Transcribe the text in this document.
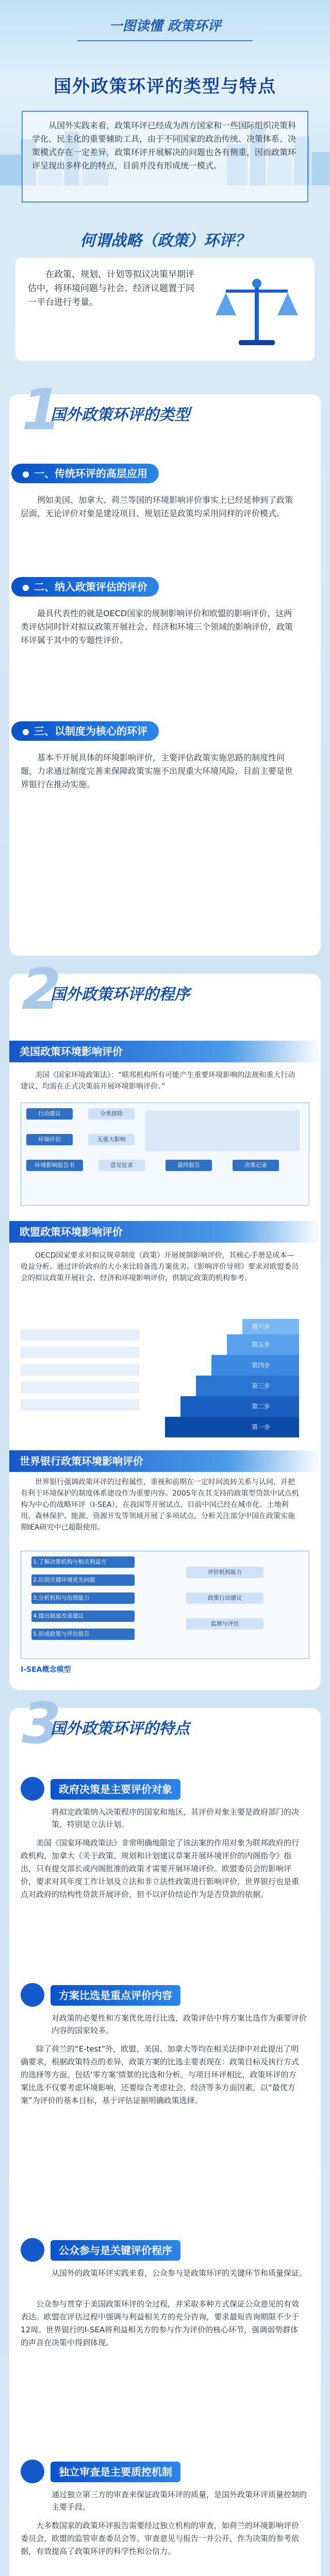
一图读懂 政策环评
国外政策环评的类型与特点
从国外实践来看，政策环评已经成为西方国家和一些国际组织决策科学化、民主化的重要辅助工具，由于不同国家的政治传统、决策体系、决策模式存在一定差异，政策环评开展解决的问题也各有侧重，因而政策环评呈现出多样化的特点，目前并没有形成统一模式。
何谓战略（政策）环评？
在政策、规划、计划等拟议决策早期评估中，将环境问题与社会、经济议题置于同一平台进行考量。
1
国外政策环评的类型
一、传统环评的高层应用
例如美国、加拿大、荷兰等国的环境影响评价事实上已经延伸到了政策层面，无论评价对象是建设项目、规划还是政策均采用同样的评价模式。
二、纳入政策评估的评价
最具代表性的就是OECD国家的规制影响评价和欧盟的影响评价，这两类评估同时针对拟议政策开展社会、经济和环境三个领域的影响评价，政策环评属于其中的专题性评价。
三、以制度为核心的环评
基本不开展具体的环境影响评价，主要评估政策实施思路的制度性问题，力求通过制度完善来保障政策实施不出现重大环境风险，目前主要是世界银行在推动实施。
2
国外政策环评的程序
美国政策环境影响评价
美国《国家环境政策法》：“联邦机构所有可能产生重要环境影响的法规和重大行动建议，均需在正式决策前开展环境影响评价。”
行动建议	分类排除
环境评估	无重大影响
环境影响报告书	意见征求	最终报告	决策记录
欧盟政策环境影响评价
OECD国家要求对拟议规章制度（政策）开展规制影响评价，其核心手册是成本—收益分析。通过评价政府的大小来比较备选方案优劣。《影响评价导则》要求对欧盟委员会的拟议政策开展社会、经济和环境影响评价，供制定政策的机构参考。
第六步
第五步
第四步
第三步
第二步
第一步
世界银行政策环境影响评价
世界银行强调政策环评的过程属性，重视和前期在一定时间流转关系与认同，并把有利于环境保护的制度体系建设作为重要内容。2005年在其支持的政策型贷款中试点机构为中心的战略环评（I-SEA），在我国等开展试点，目前中国已经在城市化、土地利用、森林保护、能源、资源开发等领域开展了多项试点，分析关注部分中国在政策实施期IEA研究中已超限使用。
1.了解决策机构与相关利益方
2.识别关键环境优先问题
3.分析机构与治理能力
4.提出制度改善建议
5.形成政策与评估报告
评价机构能力
政策行动建议
监测与评估
I-SEA概念模型
3
国外政策环评的特点
政府决策是主要评价对象
将拟定政策纳入决策程序的国家和地区，其评价对象主要是政府部门的决策，特别是立法计划。
美国《国家环境政策法》非常明确地限定了该法案的作用对象为联邦政府的行政机构，加拿大《关于政策、规划和计划建议草案开展环境评价的内阁指令》指出，只有提交部长或内阁批准的政策才需要开展环境评价。欧盟委员会的影响评价，要求对其年度工作计划及立法和非立法性政策进行影响评价，世界银行也是重点对政府的结构性贷款开展评价，但不以评价结论作为是否贷款的依据。
方案比选是重点评价内容
对政策的必要性和方案优化进行比选，政策评估中将方案比选作为重要评价内容的国家较多。
除了荷兰的“E-test”外，欧盟、美国、加拿大等均在相关法律中对此提出了明确要求，根据政策特点的差异，政策方案的比选主要表现在：政策目标及执行方式的选择等方面，包括‘零方案’情景的比选和分析。与项目环评相比，政策环评的方案比选不仅要考虑环境影响，还要综合考虑社会、经济等多方面因素，以“最优方案”为评价的基本目标，基于评估证据明确政策选择。
公众参与是关键评价程序
从国外的政策环评实践来看，公众参与是政策环评的关键环节和质量保证。
公众参与贯穿于美国政策环评的全过程，并采取多种方式保证公众意见的有效表达。欧盟在评估过程中强调与利益相关方的充分咨询，要求最短咨询期限不少于12周。世界银行的I-SEA将利益相关方的参与作为评价的核心环节，强调弱势群体的声音在决策中得到体现。
独立审查是主要质控机制
通过独立第三方的审查来保证政策环评的质量，是国外政策环评质量控制的主要手段。
大多数国家的政策环评报告需要经过独立机构的审查，如荷兰的环境影响评价委员会，欧盟的监管审查委员会等。审查意见与报告一并公开，作为决策的参考依据，有效提高了政策环评的科学性和公信力。
